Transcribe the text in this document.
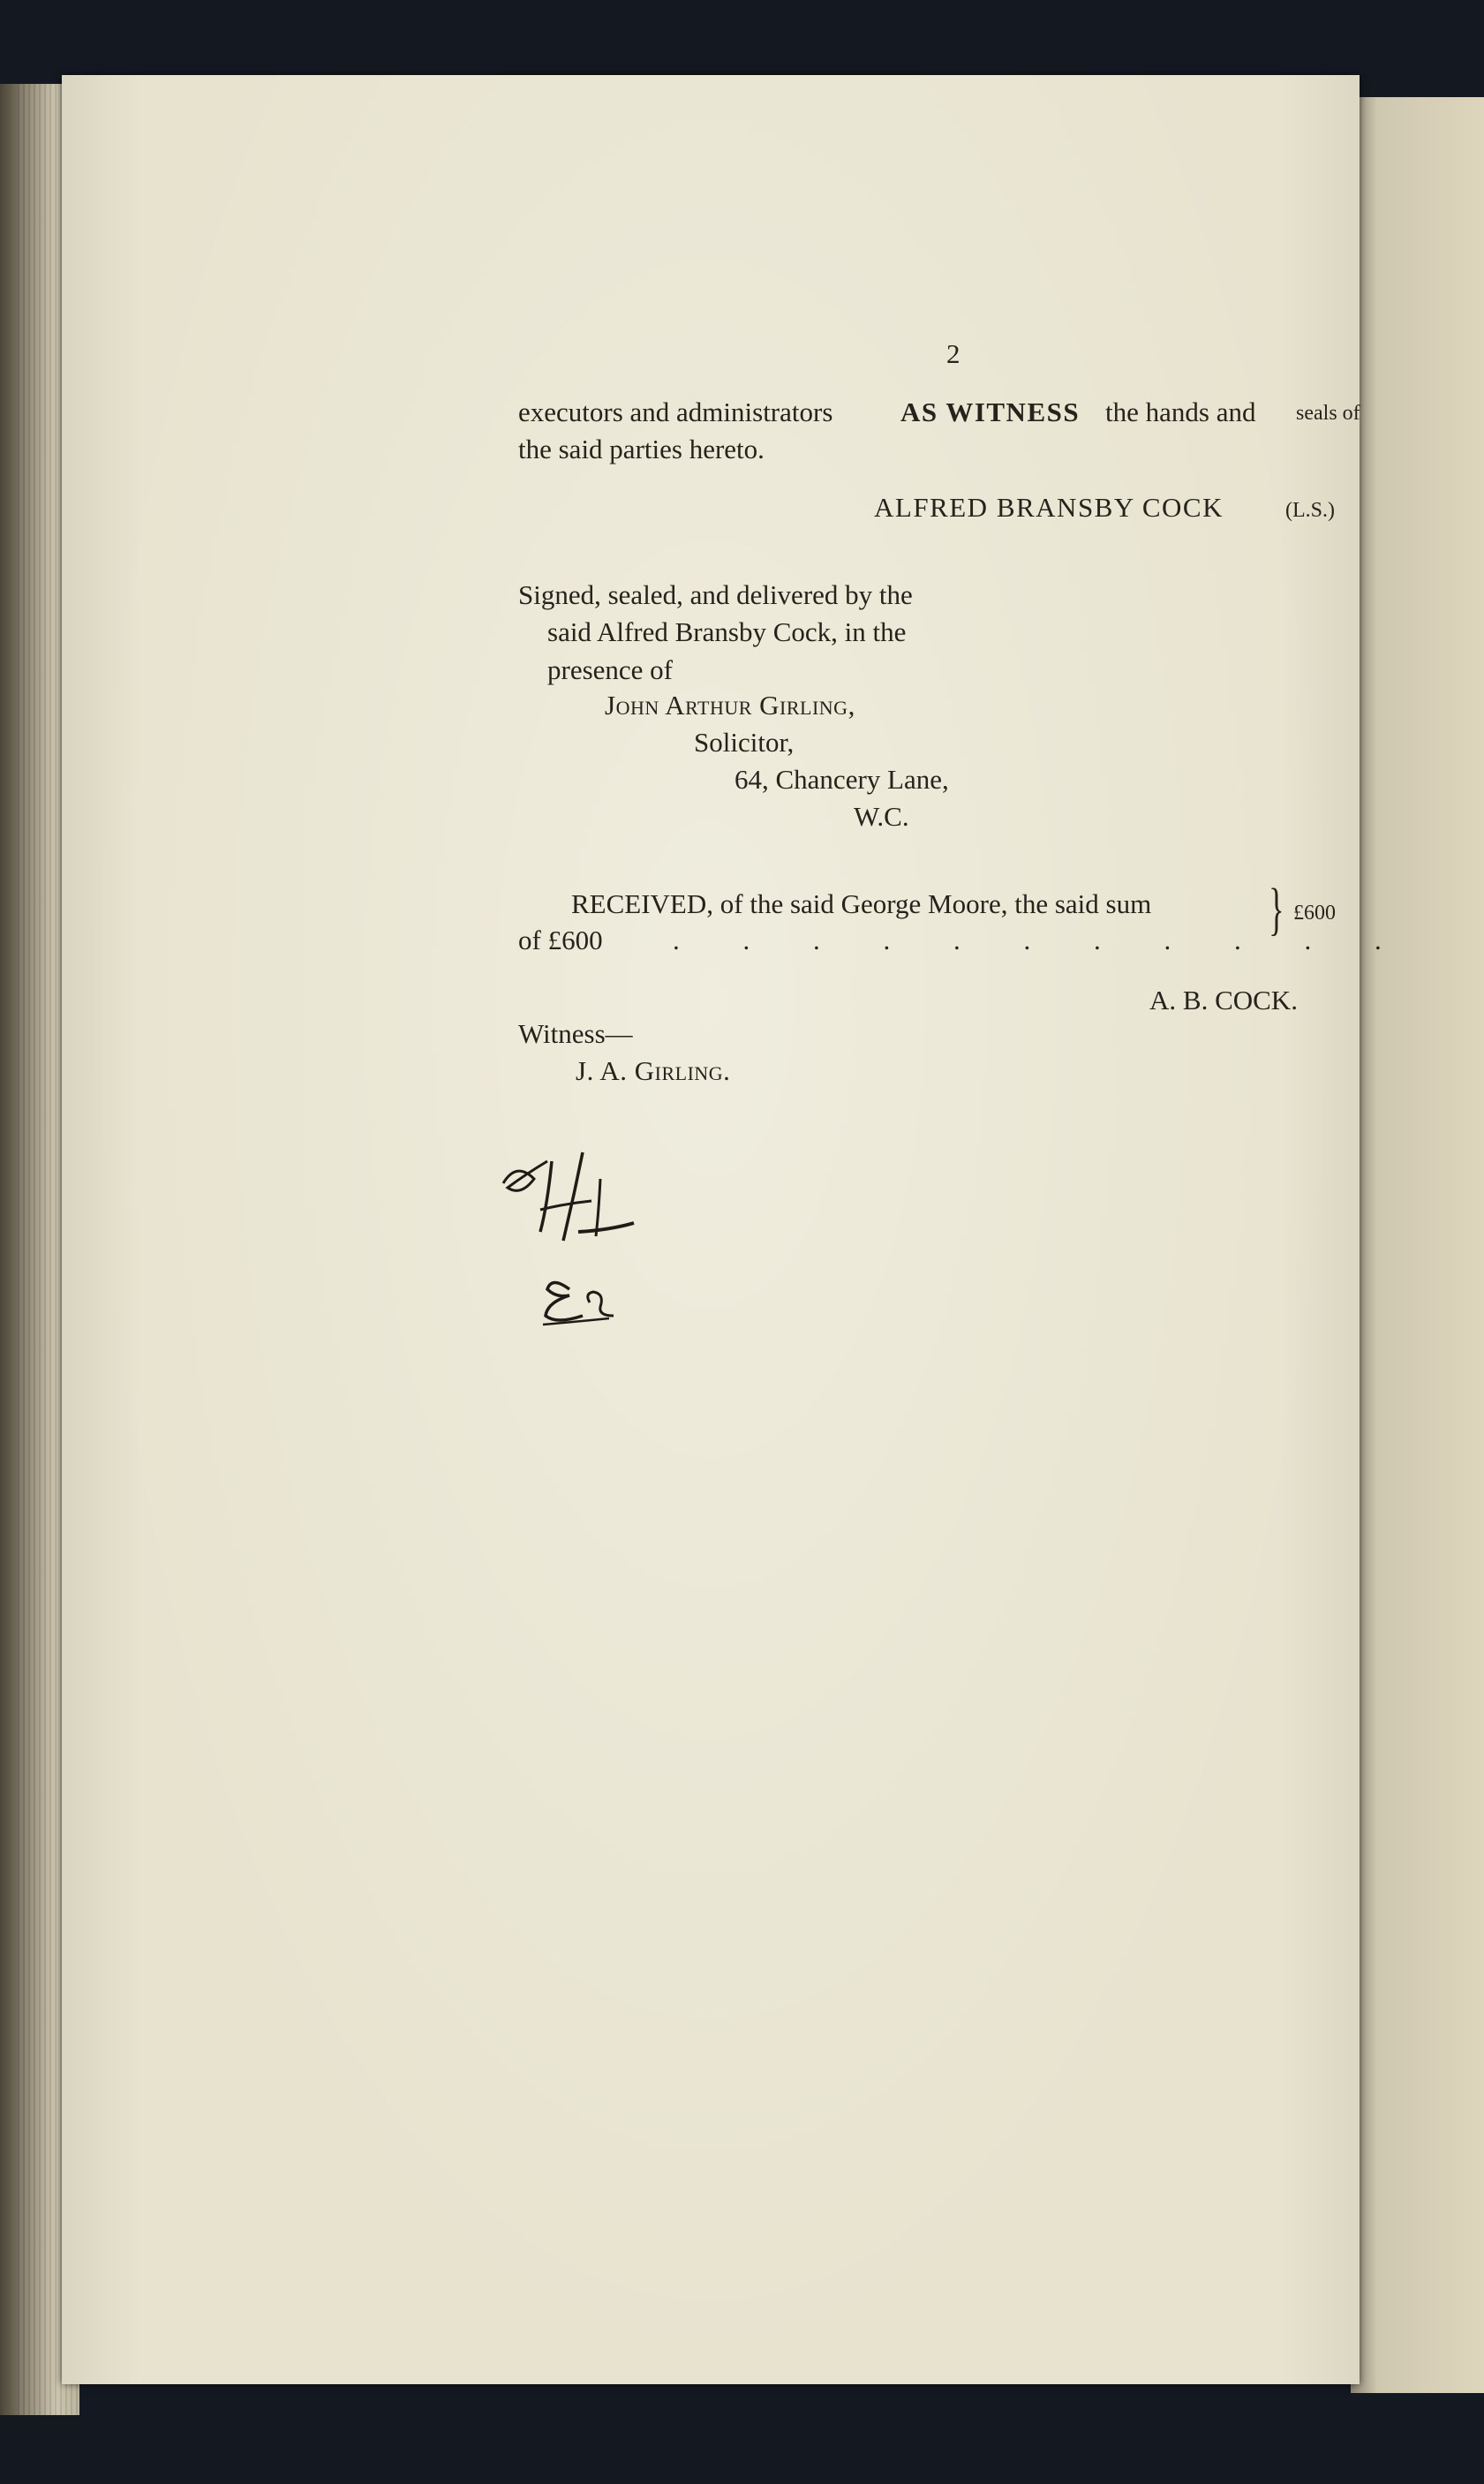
2
executors and administrators AS WITNESS the hands and seals of
the said parties hereto.
ALFRED BRANSBY COCK	(L.S.)
Signed, sealed, and delivered by the
said Alfred Bransby Cock, in the
presence of
John Arthur Girling,
Solicitor,
64, Chancery Lane,
W.C.
RECEIVED, of the said George Moore, the said sum
of £600	. . . . . . . . . . .
} £600
A. B. COCK.
Witness—
J. A. Girling.
